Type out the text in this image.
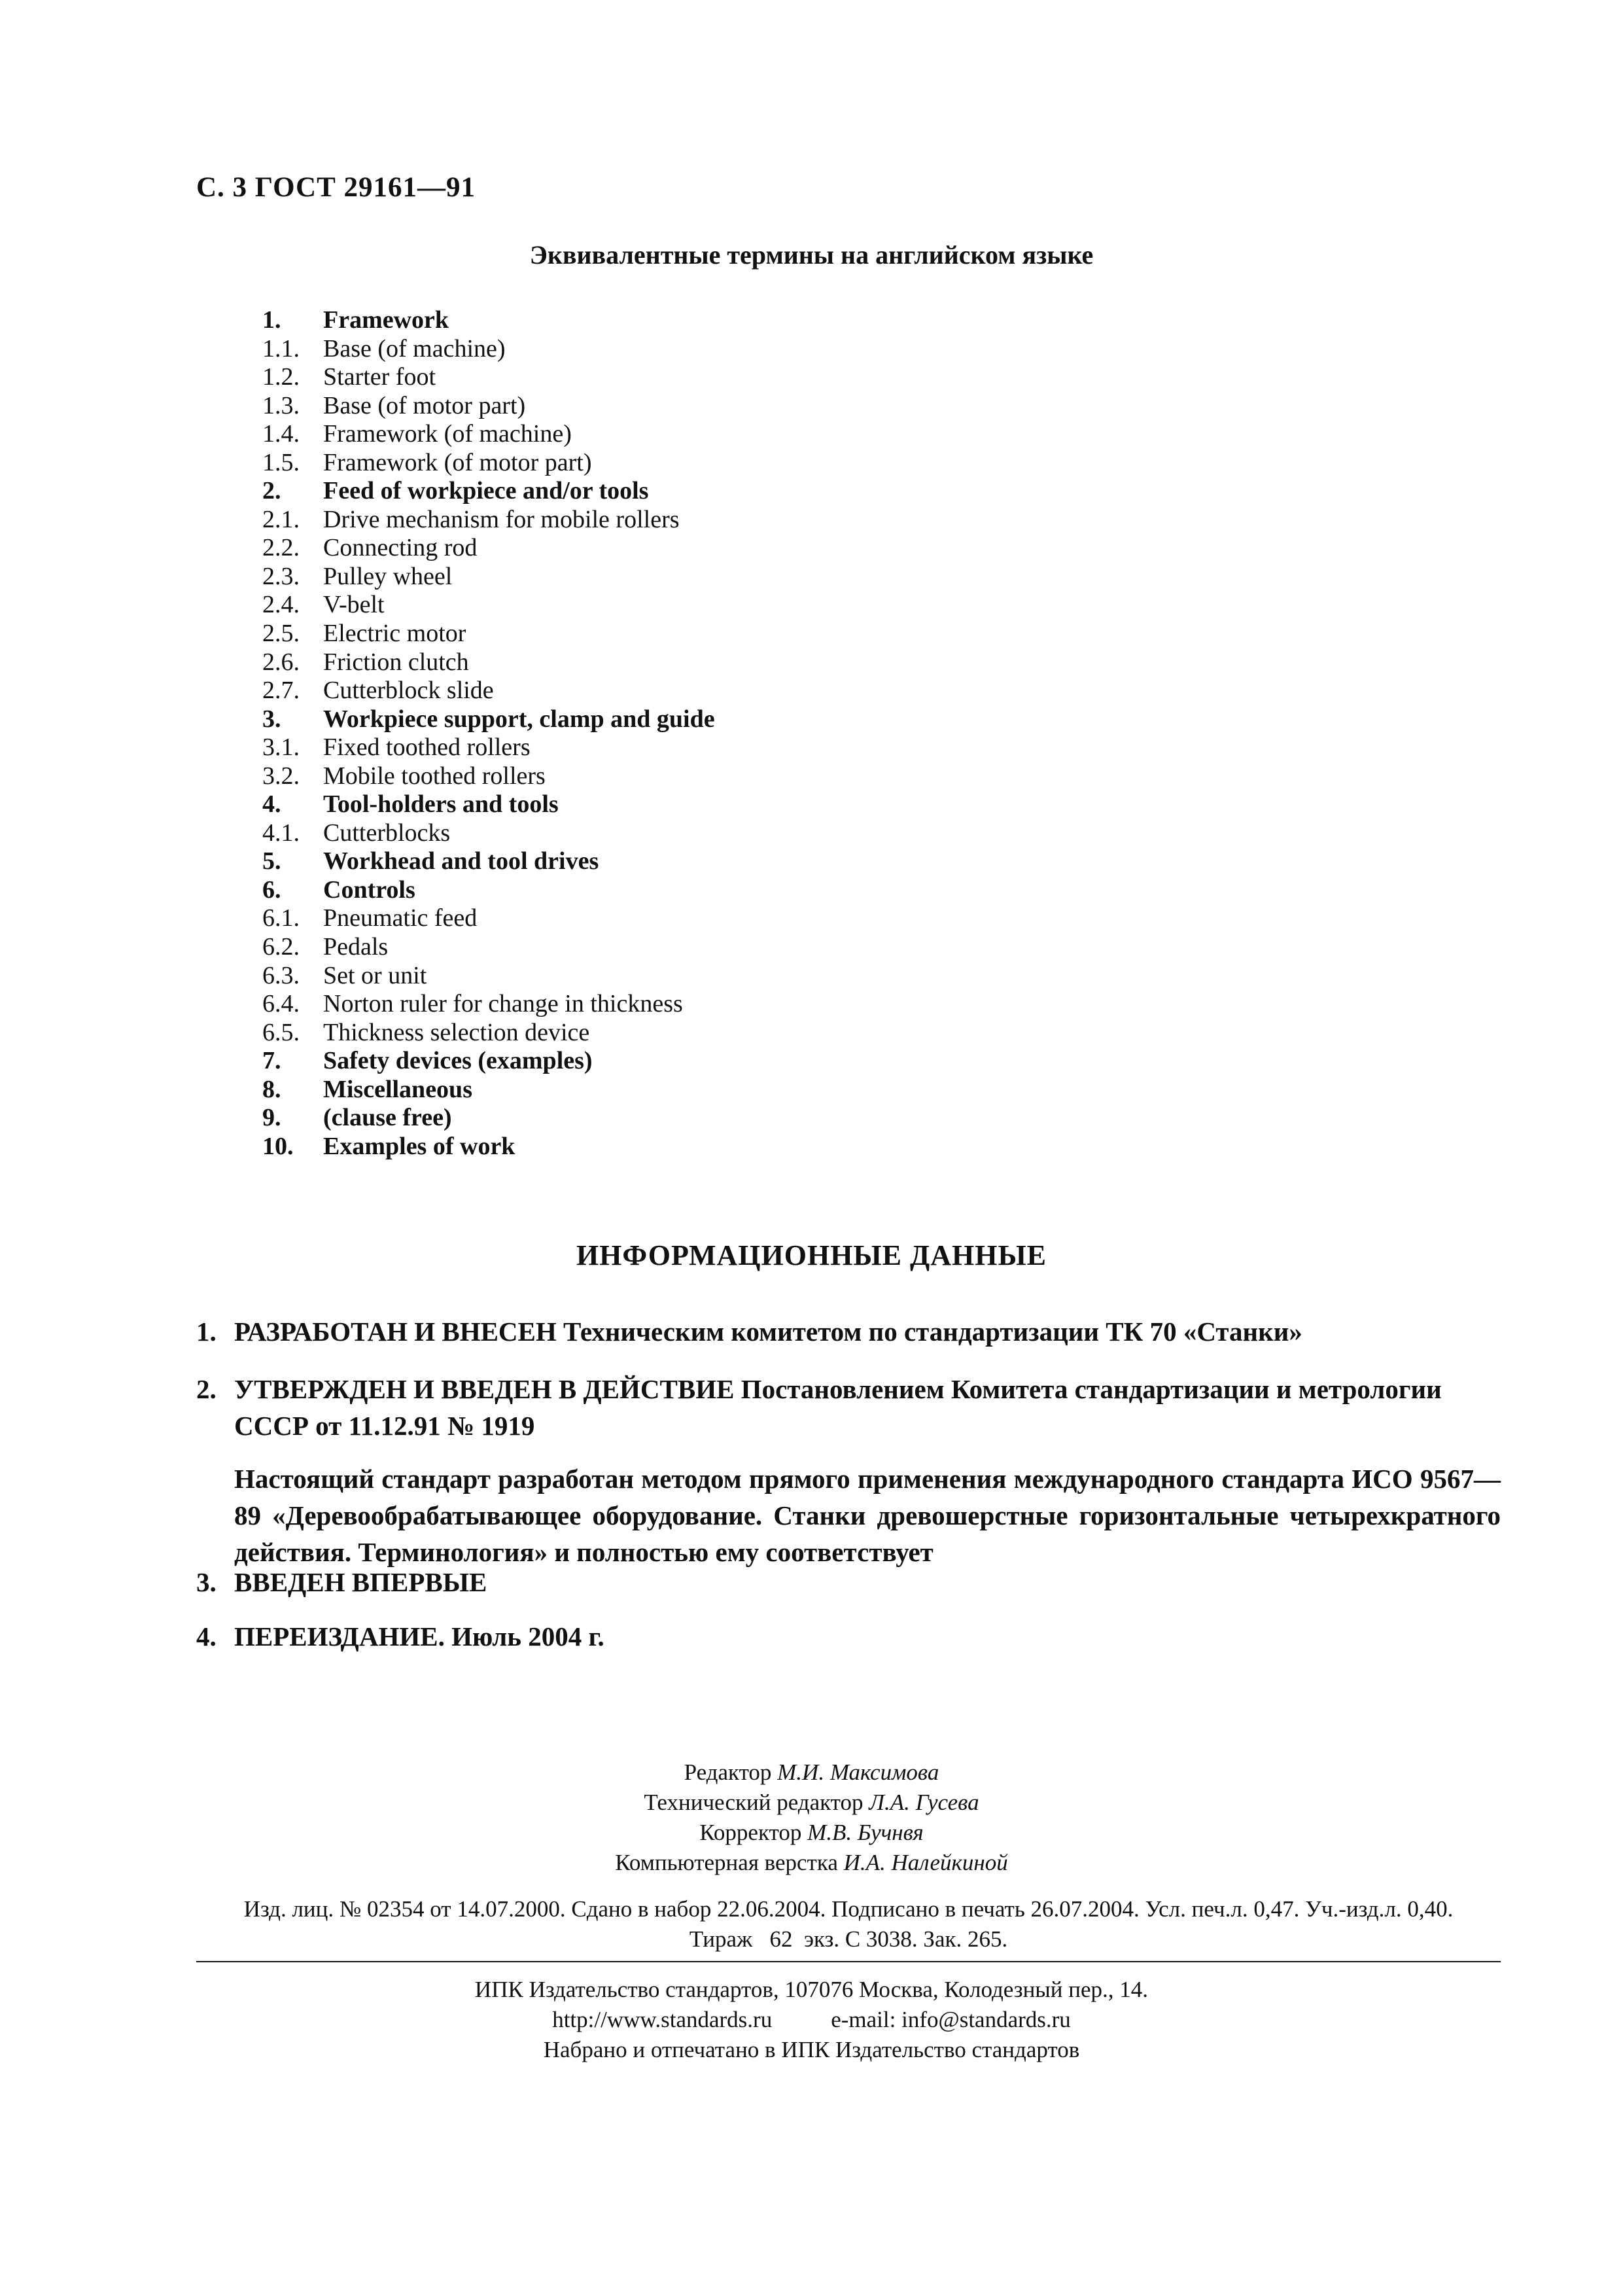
С. 3 ГОСТ 29161—91
Эквивалентные термины на английском языке
1.	Framework
1.1. Base (of machine)
1.2. Starter foot
1.3. Base (of motor part)
1.4. Framework (of machine)
1.5. Framework (of motor part)
2.	Feed of workpiece and/or tools
2.1. Drive mechanism for mobile rollers
2.2. Connecting rod
2.3. Pulley wheel
2.4. V-belt
2.5. Electric motor
2.6. Friction clutch
2.7. Cutterblock slide
3.	Workpiece support, clamp and guide
3.1. Fixed toothed rollers
3.2. Mobile toothed rollers
4.	Tool-holders and tools
4.1. Cutterblocks
5.	Workhead and tool drives
6.	Controls
6.1. Pneumatic feed
6.2. Pedals
6.3. Set or unit
6.4. Norton ruler for change in thickness
6.5. Thickness selection device
7.	Safety devices (examples)
8.	Miscellaneous
9.	(clause free)
10.	Examples of work
ИНФОРМАЦИОННЫЕ ДАННЫЕ
1. РАЗРАБОТАН И ВНЕСЕН Техническим комитетом по стандартизации ТК 70 «Станки»
2. УТВЕРЖДЕН И ВВЕДЕН В ДЕЙСТВИЕ Постановлением Комитета стандартизации и метрологии
СССР от 11.12.91 № 1919
Настоящий стандарт разработан методом прямого применения международного стандарта ИСО 9567—89 «Деревообрабатывающее оборудование. Станки древошерстные горизонтальные четырехкратного действия. Терминология» и полностью ему соответствует
3. ВВЕДЕН ВПЕРВЫЕ
4. ПЕРЕИЗДАНИЕ. Июль 2004 г.
Редактор М.И. Максимова
Технический редактор Л.А. Гусева
Корректор М.В. Бучнвя
Компьютерная верстка И.А. Налейкиной
Изд. лиц. № 02354 от 14.07.2000. Сдано в набор 22.06.2004. Подписано в печать 26.07.2004. Усл. печ.л. 0,47. Уч.-изд.л. 0,40.
Тираж   62  экз. С 3038. Зак. 265.
ИПК Издательство стандартов, 107076 Москва, Колодезный пер., 14.
http://www.standards.ru	e-mail: info@standards.ru
Набрано и отпечатано в ИПК Издательство стандартов
